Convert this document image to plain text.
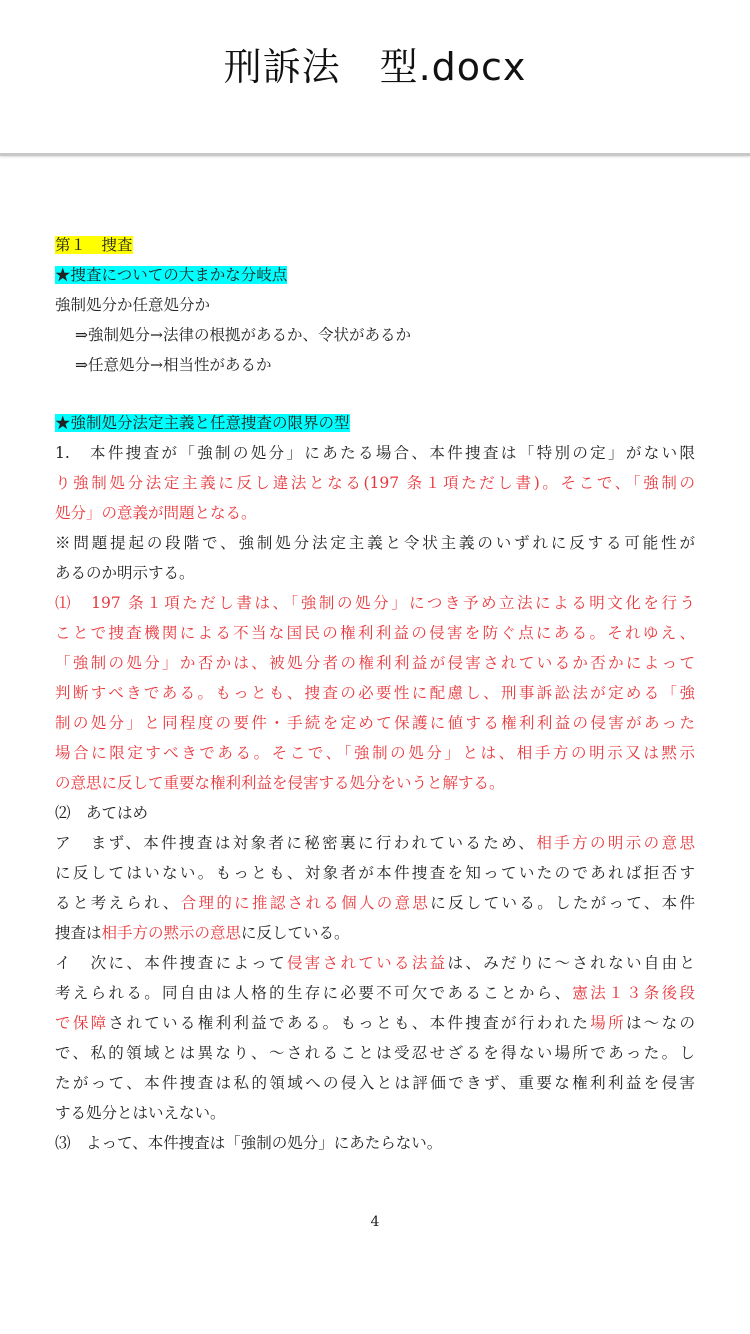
刑訴法　型.docx
第１　捜査
★捜査についての大まかな分岐点
強制処分か任意処分か
⇒強制処分→法律の根拠があるか、令状があるか
⇒任意処分→相当性があるか
★強制処分法定主義と任意捜査の限界の型
1.　本件捜査が「強制の処分」にあたる場合、本件捜査は「特別の定」がない限
り強制処分法定主義に反し違法となる(197 条１項ただし書)。そこで、「強制の
処分」の意義が問題となる。
※問題提起の段階で、強制処分法定主義と令状主義のいずれに反する可能性が
あるのか明示する。
⑴　197 条１項ただし書は、「強制の処分」につき予め立法による明文化を行う
ことで捜査機関による不当な国民の権利利益の侵害を防ぐ点にある。それゆえ、
「強制の処分」か否かは、被処分者の権利利益が侵害されているか否かによって
判断すべきである。もっとも、捜査の必要性に配慮し、刑事訴訟法が定める「強
制の処分」と同程度の要件・手続を定めて保護に値する権利利益の侵害があった
場合に限定すべきである。そこで、「強制の処分」とは、相手方の明示又は黙示
の意思に反して重要な権利利益を侵害する処分をいうと解する。
⑵　あてはめ
ア　まず、本件捜査は対象者に秘密裏に行われているため、相手方の明示の意思
に反してはいない。もっとも、対象者が本件捜査を知っていたのであれば拒否す
ると考えられ、合理的に推認される個人の意思に反している。したがって、本件
捜査は相手方の黙示の意思に反している。
イ　次に、本件捜査によって侵害されている法益は、みだりに～されない自由と
考えられる。同自由は人格的生存に必要不可欠であることから、憲法１３条後段
で保障されている権利利益である。もっとも、本件捜査が行われた場所は～なの
で、私的領域とは異なり、～されることは受忍せざるを得ない場所であった。し
たがって、本件捜査は私的領域への侵入とは評価できず、重要な権利利益を侵害
する処分とはいえない。
⑶　よって、本件捜査は「強制の処分」にあたらない。
4
